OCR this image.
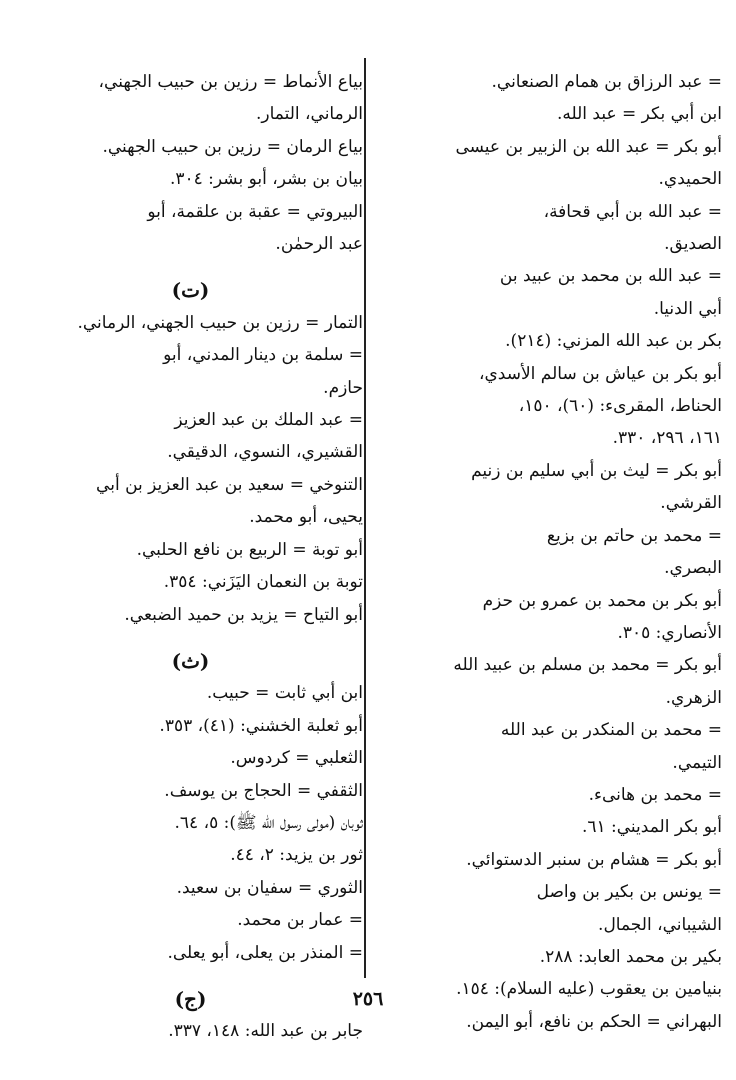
= عبد الرزاق بن همام الصنعاني.
ابن أبي بكر = عبد الله.
أبو بكر = عبد الله بن الزبير بن عيسى
الحميدي.
= عبد الله بن أبي قحافة،
الصديق.
= عبد الله بن محمد بن عبيد بن
أبي الدنيا.
بكر بن عبد الله المزني: (٢١٤).
أبو بكر بن عياش بن سالم الأسدي،
الحناط، المقرىء: (٦٠)، ١٥٠،
١٦١، ٢٩٦، ٣٣٠.
أبو بكر = ليث بن أبي سليم بن زنيم
القرشي.
= محمد بن حاتم بن بزيع
البصري.
أبو بكر بن محمد بن عمرو بن حزم
الأنصاري: ٣٠٥.
أبو بكر = محمد بن مسلم بن عبيد الله
الزهري.
= محمد بن المنكدر بن عبد الله
التيمي.
= محمد بن هانىء.
أبو بكر المديني: ٦١.
أبو بكر = هشام بن سنبر الدستوائي.
= يونس بن بكير بن واصل
الشيباني، الجمال.
بكير بن محمد العابد: ٢٨٨.
بنيامين بن يعقوب (عليه السلام): ١٥٤.
البهراني = الحكم بن نافع، أبو اليمن.
بياع الأنماط = رزين بن حبيب الجهني،
الرماني، التمار.
بياع الرمان = رزين بن حبيب الجهني.
بيان بن بشر، أبو بشر: ٣٠٤.
البيروتي = عقبة بن علقمة، أبو
عبد الرحمٰن.
(ت)
التمار = رزين بن حبيب الجهني، الرماني.
= سلمة بن دينار المدني، أبو
حازم.
= عبد الملك بن عبد العزيز
القشيري، النسوي، الدقيقي.
التنوخي = سعيد بن عبد العزيز بن أبي
يحيى، أبو محمد.
أبو توبة = الربيع بن نافع الحلبي.
توبة بن النعمان اليَزَني: ٣٥٤.
أبو التياح = يزيد بن حميد الضبعي.
(ث)
ابن أبي ثابت = حبيب.
أبو ثعلبة الخشني: (٤١)، ٣٥٣.
الثعلبي = كردوس.
الثقفي = الحجاج بن يوسف.
ثوبان (مولى رسول الله ﷺ): ٥، ٦٤.
ثور بن يزيد: ٢، ٤٤.
الثوري = سفيان بن سعيد.
= عمار بن محمد.
= المنذر بن يعلى، أبو يعلى.
(ج)
جابر بن عبد الله: ١٤٨، ٣٣٧.
٢٥٦
